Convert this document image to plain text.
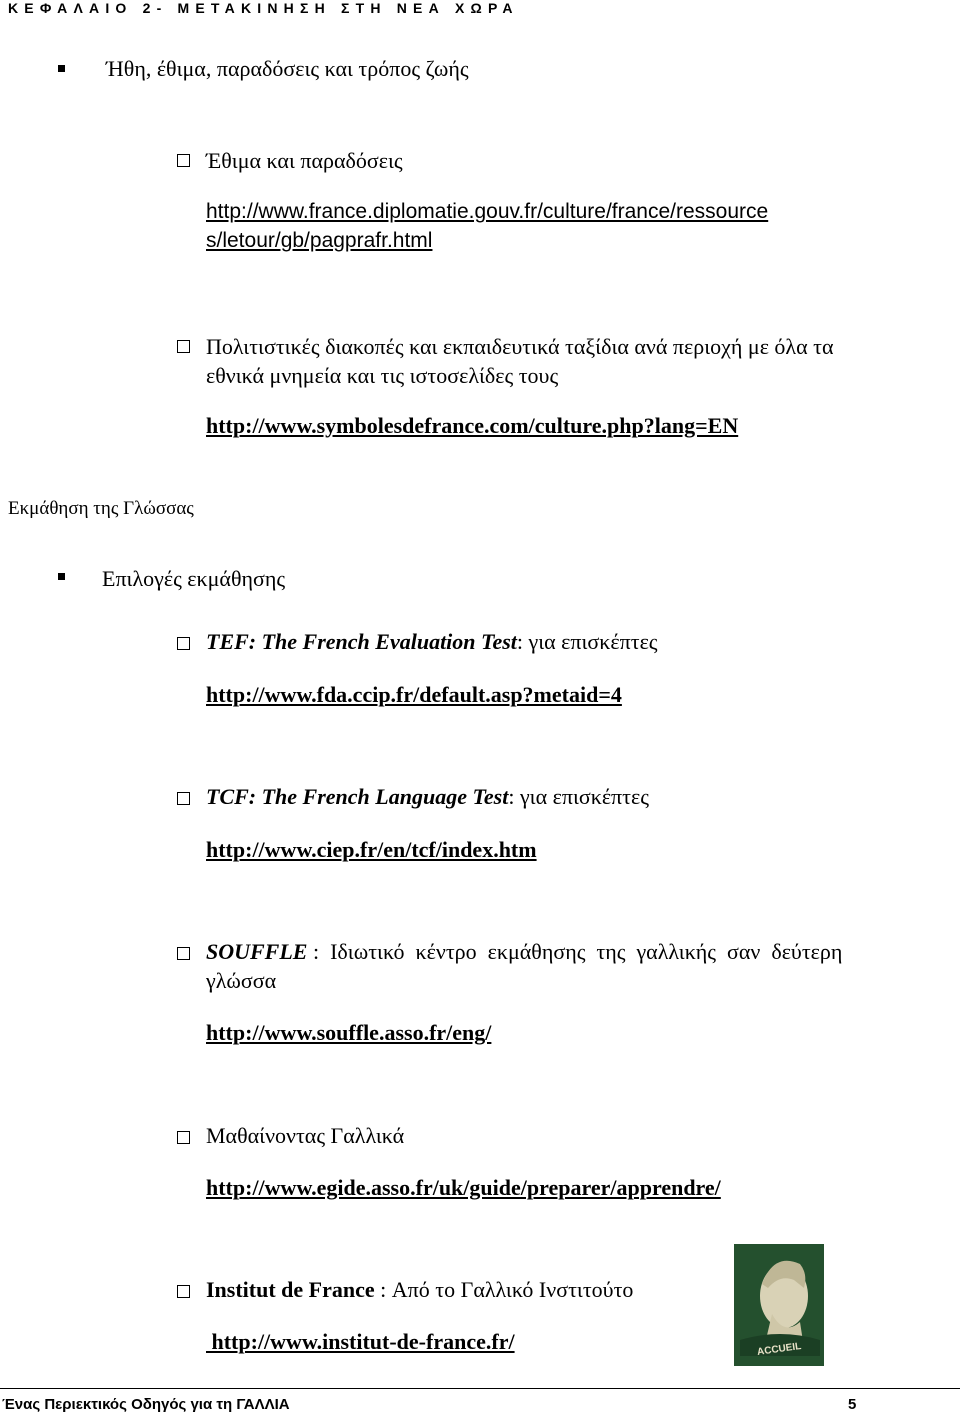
ΚΕΦΑΛΑΙΟ 2- ΜΕΤΑΚΙΝΗΣΗ ΣΤΗ ΝΕΑ ΧΩΡΑ
Ήθη, έθιμα, παραδόσεις και τρόπος ζωής
Έθιμα και παραδόσεις
http://www.france.diplomatie.gouv.fr/culture/france/ressource
s/letour/gb/pagprafr.html
Πολιτιστικές διακοπές και εκπαιδευτικά ταξίδια ανά περιοχή με όλα τα
εθνικά μνημεία και τις ιστοσελίδες τους
http://www.symbolesdefrance.com/culture.php?lang=EN
Εκμάθηση της Γλώσσας
Επιλογές εκμάθησης
TEF: The French Evaluation Test: για επισκέπτες
http://www.fda.ccip.fr/default.asp?metaid=4
TCF: The French Language Test: για επισκέπτες
http://www.ciep.fr/en/tcf/index.htm
SOUFFLE :  Ιδιωτικό  κέντρο  εκμάθησης  της  γαλλικής  σαν  δεύτερη
γλώσσα
http://www.souffle.asso.fr/eng/
Μαθαίνοντας Γαλλικά
http://www.egide.asso.fr/uk/guide/preparer/apprendre/
Institut de France : Από το Γαλλικό Ινστιτούτο
http://www.institut-de-france.fr/	ACCUEIL
Ένας Περιεκτικός Οδηγός για τη ΓΑΛΛΙΑ	5
